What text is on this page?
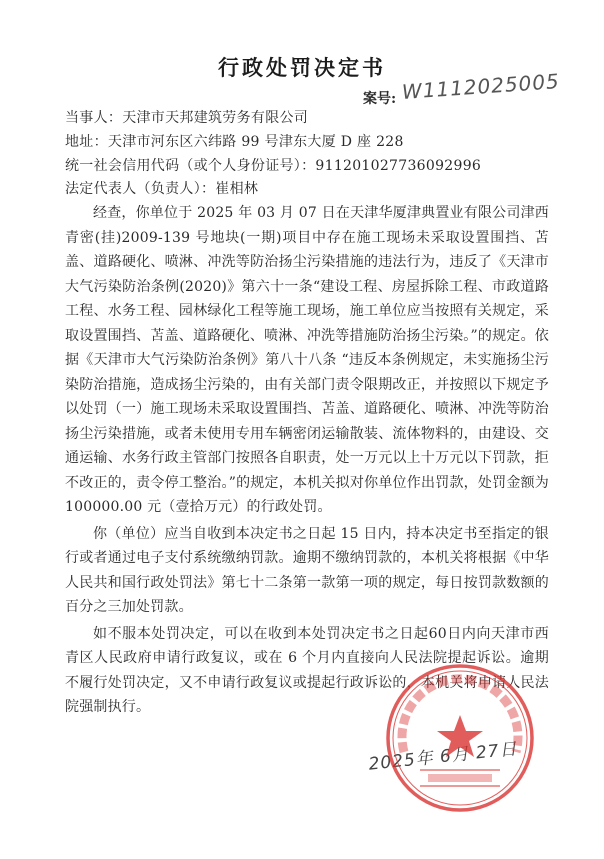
行政处罚决定书
案号: W1112025005
当事人：天津市天邦建筑劳务有限公司
地址：天津市河东区六纬路 99 号津东大厦 D 座 228
统一社会信用代码（或个人身份证号）：911201027736092996
法定代表人（负责人）：崔相林

经查，你单位于 2025 年 03 月 07 日在天津华厦津典置业有限公司津西青密(挂)2009-139 号地块(一期)项目中存在施工现场未采取设置围挡、苫盖、道路硬化、喷淋、冲洗等防治扬尘污染措施的违法行为，违反了《天津市大气污染防治条例(2020)》第六十一条“建设工程、房屋拆除工程、市政道路工程、水务工程、园林绿化工程等施工现场，施工单位应当按照有关规定，采取设置围挡、苫盖、道路硬化、喷淋、冲洗等措施防治扬尘污染。”的规定。依据《天津市大气污染防治条例》第八十八条 “违反本条例规定，未实施扬尘污染防治措施，造成扬尘污染的，由有关部门责令限期改正，并按照以下规定予以处罚（一）施工现场未采取设置围挡、苫盖、道路硬化、喷淋、冲洗等防治扬尘污染措施，或者未使用专用车辆密闭运输散装、流体物料的，由建设、交通运输、水务行政主管部门按照各自职责，处一万元以上十万元以下罚款，拒不改正的，责令停工整治。”的规定，本机关拟对你单位作出罚款，处罚金额为 100000.00 元（壹拾万元）的行政处罚。

你（单位）应当自收到本决定书之日起 15 日内，持本决定书至指定的银行或者通过电子支付系统缴纳罚款。逾期不缴纳罚款的，本机关将根据《中华人民共和国行政处罚法》第七十二条第一款第一项的规定，每日按罚款数额的百分之三加处罚款。

如不服本处罚决定，可以在收到本处罚决定书之日起60日内向天津市西青区人民政府申请行政复议，或在 6 个月内直接向人民法院提起诉讼。逾期不履行处罚决定，又不申请行政复议或提起行政诉讼的，本机关将申请人民法院强制执行。

2025年 6月 27日
